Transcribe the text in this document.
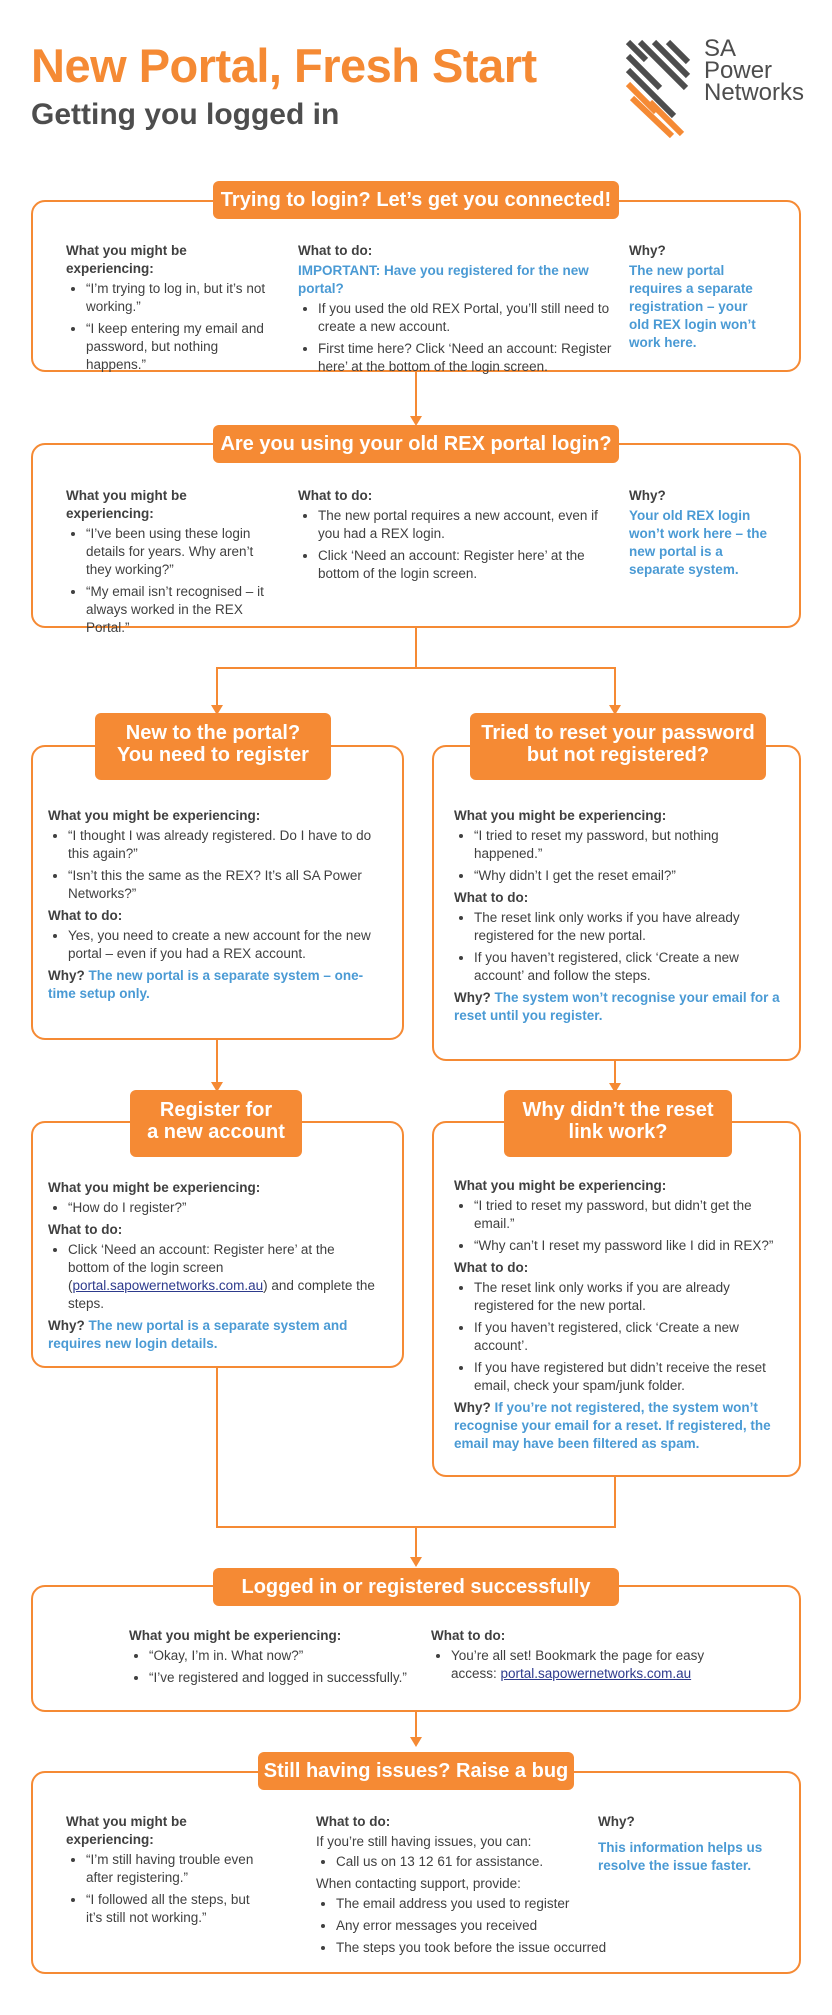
New Portal, Fresh Start
Getting you logged in
SA
Power
Networks
Trying to login? Let’s get you connected!

What you might be experiencing:

• “I’m trying to log in, but it’s not working.”
• “I keep entering my email and password, but nothing happens.”

What to do:

IMPORTANT: Have you registered for the new portal?

• If you used the old REX Portal, you’ll still need to create a new account.
• First time here? Click ‘Need an account: Register here’ at the bottom of the login screen.

Why?

The new portal requires a separate registration – your old REX login won’t work here.

Are you using your old REX portal login?

What you might be experiencing:

• “I’ve been using these login details for years. Why aren’t they working?”
• “My email isn’t recognised – it always worked in the REX Portal.”

What to do:

• The new portal requires a new account, even if you had a REX login.
• Click ‘Need an account: Register here’ at the bottom of the login screen.

Why?

Your old REX login won’t work here – the new portal is a separate system.

New to the portal?
You need to register

What you might be experiencing:

• “I thought I was already registered. Do I have to do this again?”
• “Isn’t this the same as the REX? It’s all SA Power Networks?”

What to do:

• Yes, you need to create a new account for the new portal – even if you had a REX account.

Why? The new portal is a separate system – one-time setup only.

Tried to reset your password
but not registered?

What you might be experiencing:

• “I tried to reset my password, but nothing happened.”
• “Why didn’t I get the reset email?”

What to do:

• The reset link only works if you have already registered for the new portal.
• If you haven’t registered, click ‘Create a new account’ and follow the steps.

Why? The system won’t recognise your email for a reset until you register.

Register for
a new account

What you might be experiencing:

• “How do I register?”

What to do:

• Click ‘Need an account: Register here’ at the bottom of the login screen (portal.sapowernetworks.com.au) and complete the steps.

Why? The new portal is a separate system and requires new login details.

Why didn’t the reset
link work?

What you might be experiencing:

• “I tried to reset my password, but didn’t get the email.”
• “Why can’t I reset my password like I did in REX?”

What to do:

• The reset link only works if you are already registered for the new portal.
• If you haven’t registered, click ‘Create a new account’.
• If you have registered but didn’t receive the reset email, check your spam/junk folder.

Why? If you’re not registered, the system won’t recognise your email for a reset. If registered, the email may have been filtered as spam.

Logged in or registered successfully

What you might be experiencing:

• “Okay, I’m in. What now?”
• “I’ve registered and logged in successfully.”

What to do:

• You’re all set! Bookmark the page for easy access: portal.sapowernetworks.com.au
Still having issues? Raise a bug

What you might be experiencing:

• “I’m still having trouble even after registering.”
• “I followed all the steps, but it’s still not working.”

What to do:

If you’re still having issues, you can:

• Call us on 13 12 61 for assistance.

When contacting support, provide:

• The email address you used to register
• Any error messages you received
• The steps you took before the issue occurred

Why?

This information helps us resolve the issue faster.
